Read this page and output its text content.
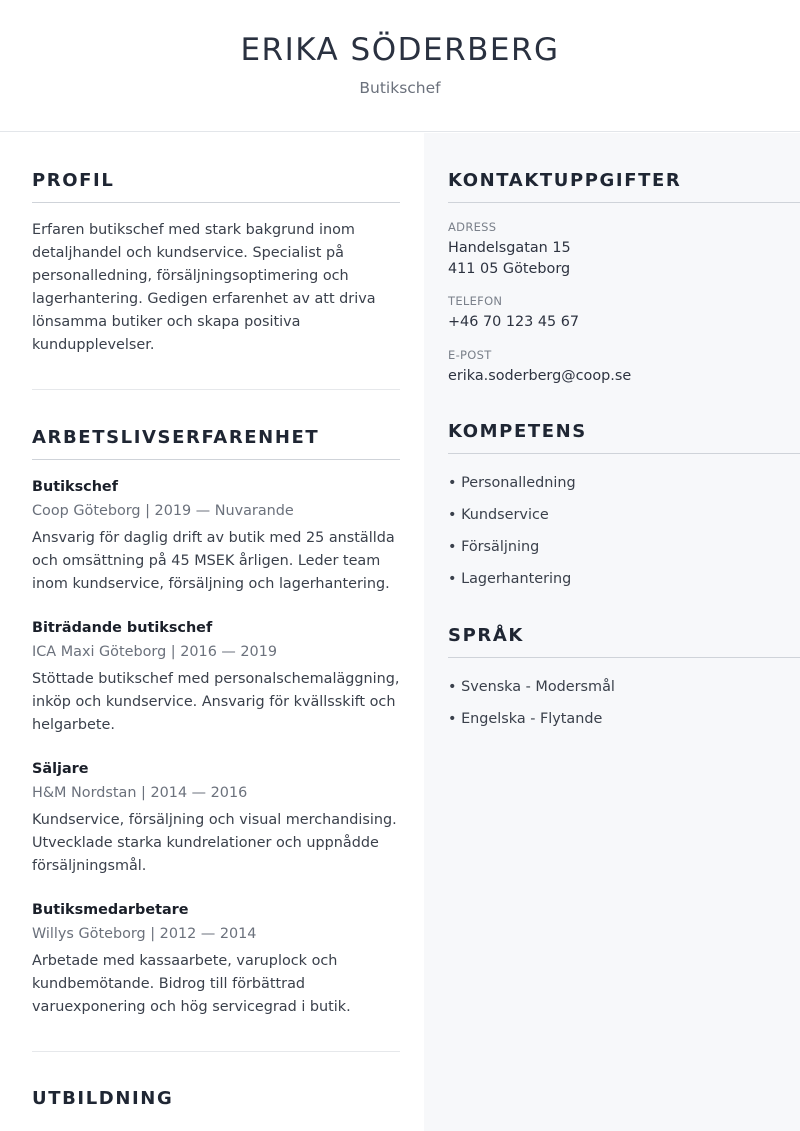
ERIKA SÖDERBERG
Butikschef
PROFIL
Erfaren butikschef med stark bakgrund inom detaljhandel och kundservice. Specialist på personalledning, försäljningsoptimering och lagerhantering. Gedigen erfarenhet av att driva lönsamma butiker och skapa positiva kundupplevelser.
ARBETSLIVSERFARENHET
Butikschef
Coop Göteborg | 2019 — Nuvarande
Ansvarig för daglig drift av butik med 25 anställda och omsättning på 45 MSEK årligen. Leder team inom kundservice, försäljning och lagerhantering.
Biträdande butikschef
ICA Maxi Göteborg | 2016 — 2019
Stöttade butikschef med personalschemaläggning, inköp och kundservice. Ansvarig för kvällsskift och helgarbete.
Säljare
H&M Nordstan | 2014 — 2016
Kundservice, försäljning och visual merchandising. Utvecklade starka kundrelationer och uppnådde försäljningsmål.
Butiksmedarbetare
Willys Göteborg | 2012 — 2014
Arbetade med kassaarbete, varuplock och kundbemötande. Bidrog till förbättrad varuexponering och hög servicegrad i butik.
UTBILDNING
KONTAKTUPPGIFTER
ADRESS
Handelsgatan 15
411 05 Göteborg
TELEFON
+46 70 123 45 67
E-POST
erika.soderberg@coop.se
KOMPETENS
• Personalledning
• Kundservice
• Försäljning
• Lagerhantering
SPRÅK
• Svenska - Modersmål
• Engelska - Flytande
